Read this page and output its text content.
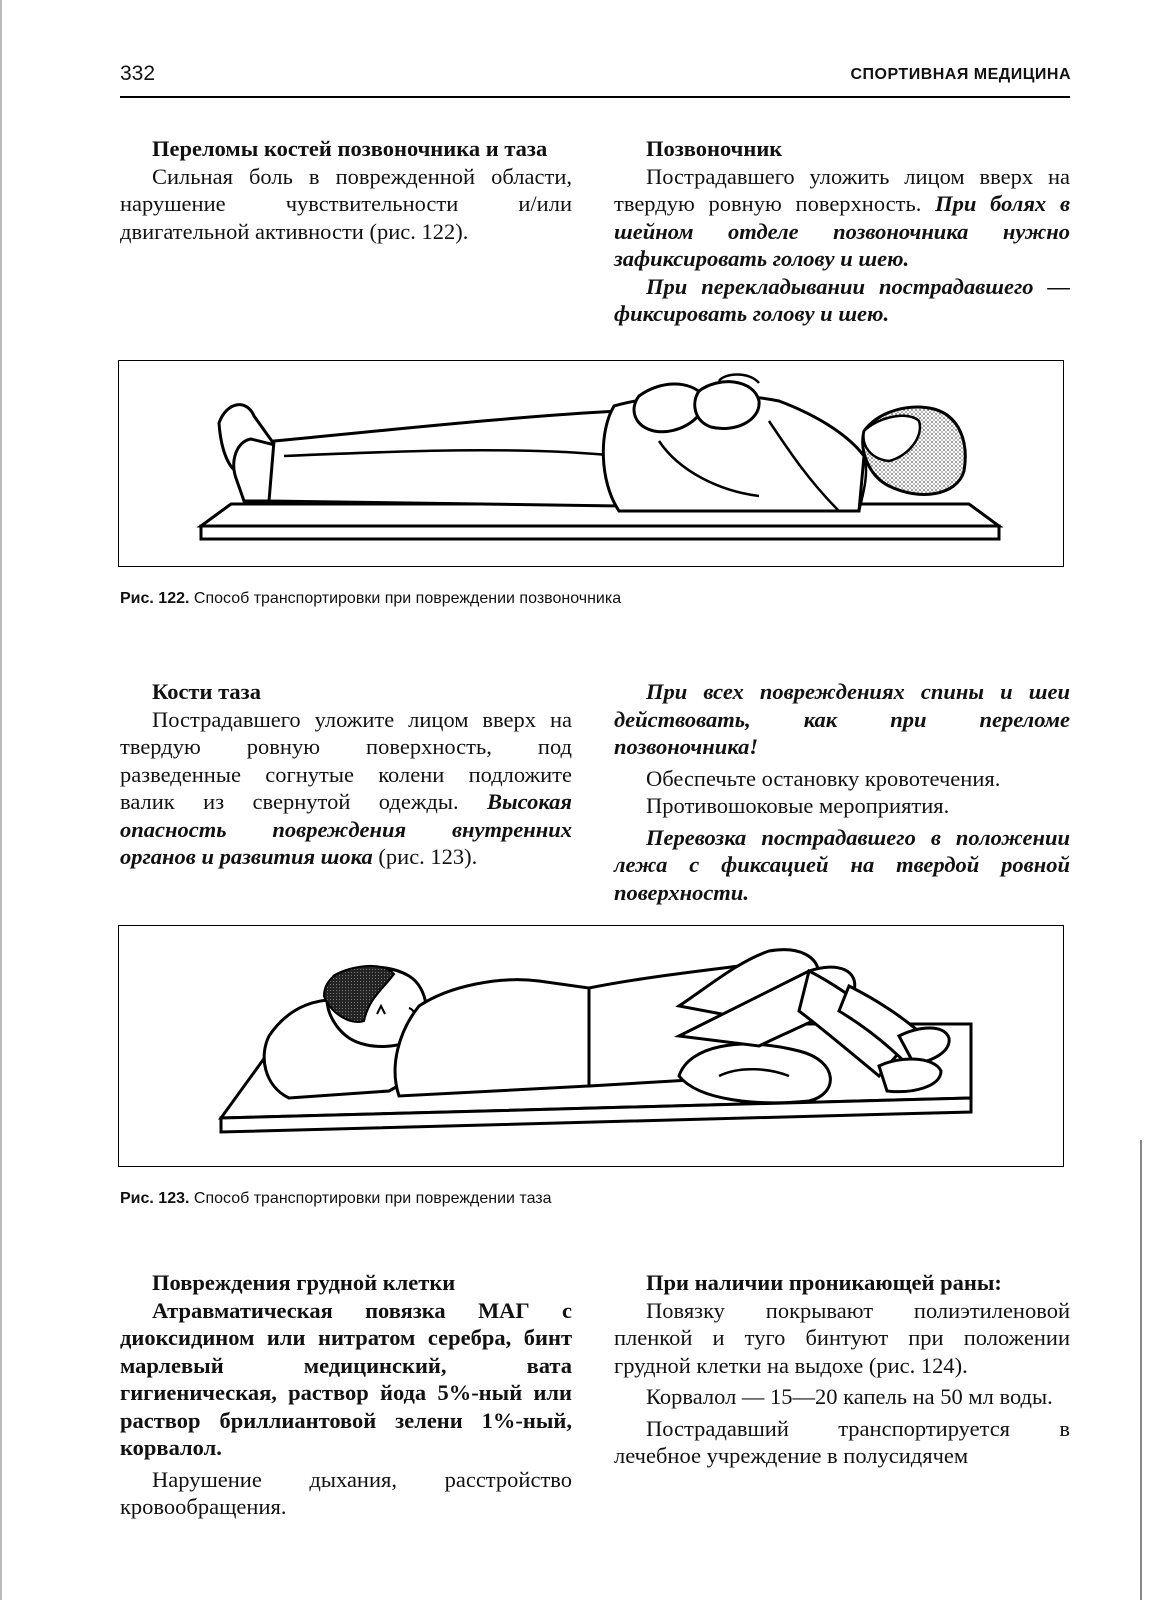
332	СПОРТИВНАЯ МЕДИЦИНА

Переломы костей позвоночника и таза

Сильная боль в поврежденной области, нарушение чувствительности и/или двигательной активности (рис. 122).

Позвоночник

Пострадавшего уложить лицом вверх на твердую ровную поверхность. При болях в шейном отделе позвоночника нужно зафиксировать голову и шею.

При перекладывании пострадавшего — фиксировать голову и шею.

Рис. 122. Способ транспортировки при повреждении позвоночника

Кости таза

Пострадавшего уложите лицом вверх на твердую ровную поверхность, под разведенные согнутые колени подложите валик из свернутой одежды. Высокая опасность повреждения внутренних органов и развития шока (рис. 123).

При всех повреждениях спины и шеи действовать, как при переломе позвоночника!

Обеспечьте остановку кровотечения.

Противошоковые мероприятия.

Перевозка пострадавшего в положении лежа с фиксацией на твердой ровной поверхности.

Рис. 123. Способ транспортировки при повреждении таза

Повреждения грудной клетки

Атравматическая повязка МАГ с диоксидином или нитратом серебра, бинт марлевый медицинский, вата гигиеническая, раствор йода 5%-ный или раствор бриллиантовой зелени 1%-ный, корвалол.

Нарушение дыхания, расстройство кровообращения.

При наличии проникающей раны:

Повязку покрывают полиэтиленовой пленкой и туго бинтуют при положении грудной клетки на выдохе (рис. 124).

Корвалол — 15—20 капель на 50 мл воды.

Пострадавший транспортируется в лечебное учреждение в полусидячем
